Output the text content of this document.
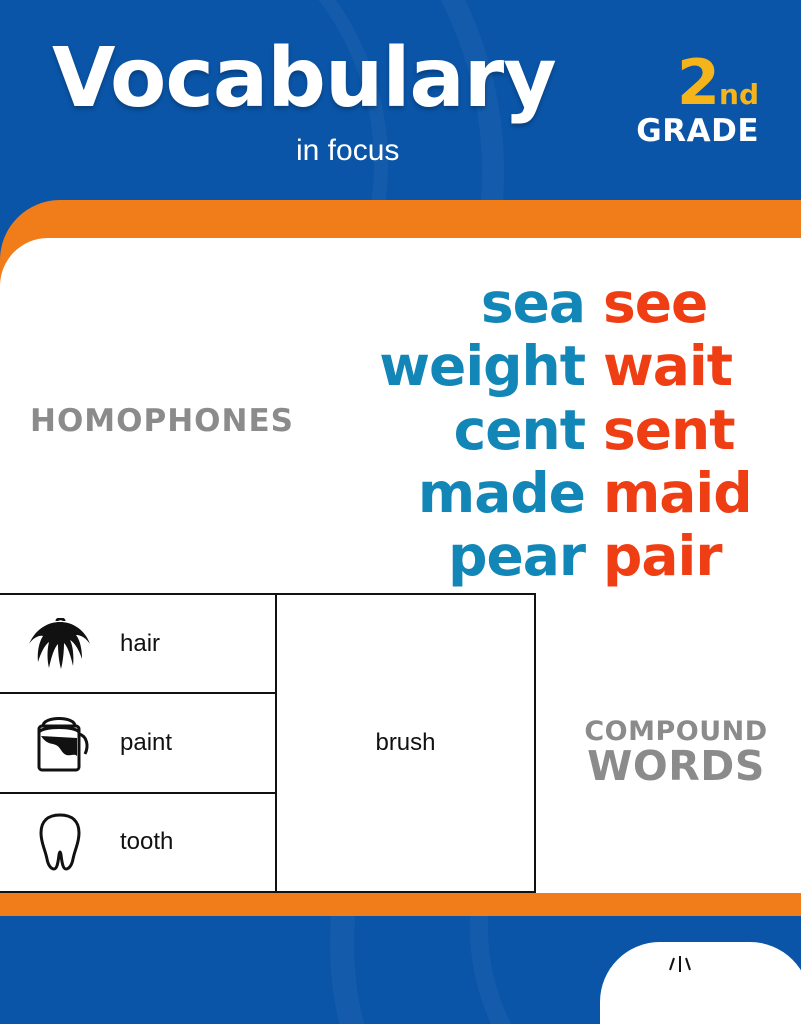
Vocabulary
in focus
2nd
GRADE
HOMOPHONES
sea
weight
cent
made
pear
see
wait
sent
maid
pair
hair
paint
tooth
brush	COMPOUND
WORDS
